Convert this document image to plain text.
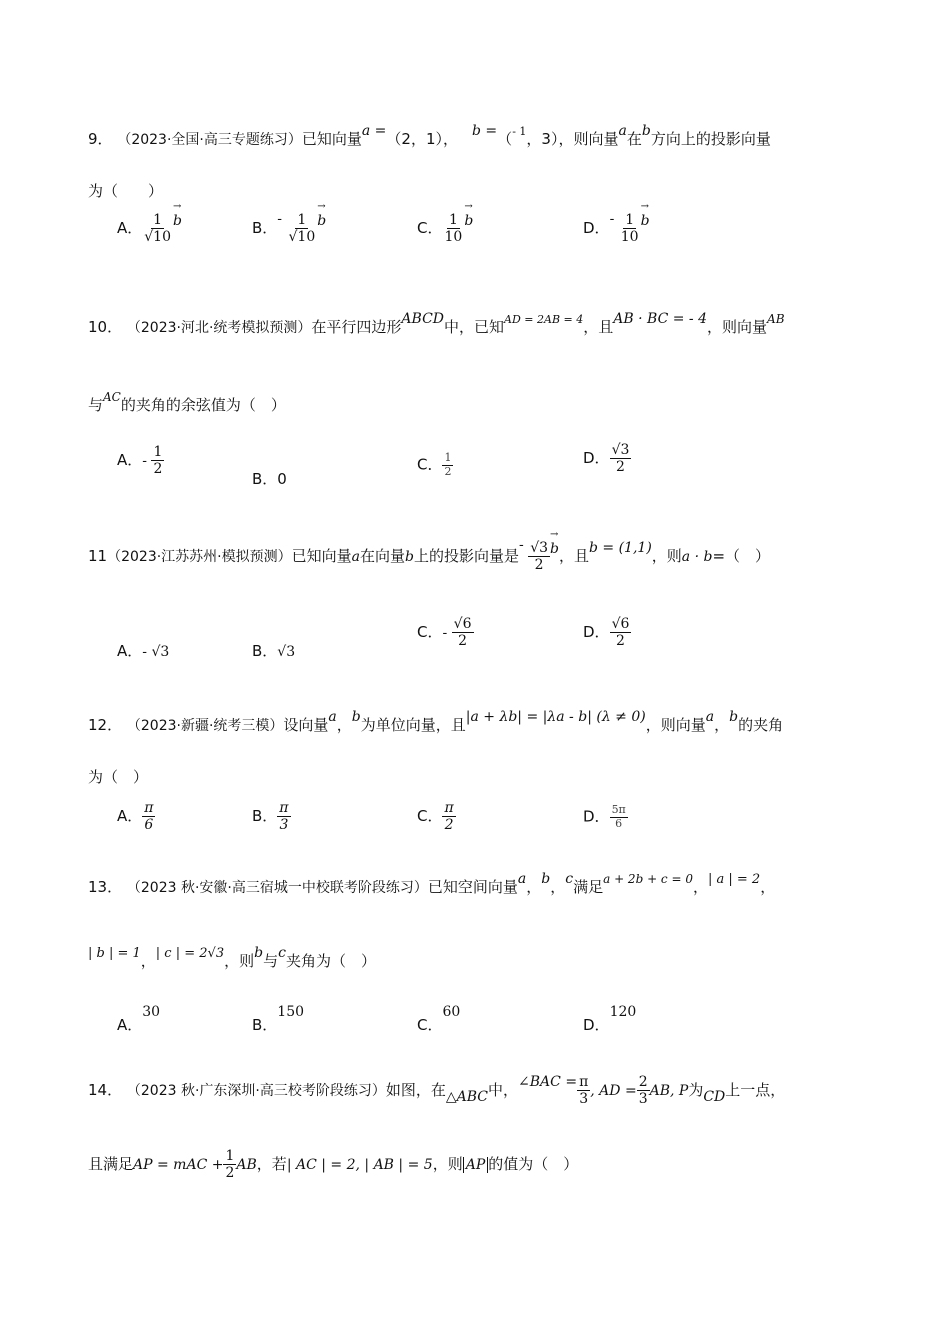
9． （2023·全国·高三专题练习）已知向量a =（2，1）， b =（$^{- 1}$，3），则向量a在b方向上的投影向量
为（　　）
A． $\frac{1}{√10}$
→ b	B．- $\frac{1}{√10}$
→ b	C． $\frac{1}{10}$
→ b	D．- $\frac{1}{10}$
→ b
10． （2023·河北·统考模拟预测）在平行四边形ABCD中，已知$^{AD = 2AB = 4}$，且AB · BC = - 4，则向量$^{AB}$
与$^{AC}$的夹角的余弦值为（　）
A．- $\frac{1}{2}$
B．0
C． $\frac{1}{2}$	D． $\frac{√3}{2}$
11（2023·江苏苏州·模拟预测）已知向量a在向量b上的投影向量是- $\frac{√3}{2}$
→ b，且b = (1,1)，则a · b=（　）
A．- √3	B．√3
C．- $\frac{√6}{2}$	D． $\frac{√6}{2}$
12． （2023·新疆·统考三模）设向量a，b为单位向量，且|a + λb| = |λa - b| (λ ≠ 0)，则向量a，b的夹角
为（　）
A． $\frac{\pi}{6}$	B． $\frac{\pi}{3}$	C． $\frac{\pi}{2}$	D． $\frac{5\pi}{6}$
13． （2023 秋·安徽·高三宿城一中校联考阶段练习）已知空间向量a，b，c满足$^{a + 2b + c = 0}$，| a | = 2，
| b | = 1，| c | = 2√3，则b与c夹角为（　）
A．30
B．150
C．60
D．120
14． （2023 秋·广东深圳·高三校考阶段练习）如图，在△ABC中，∠BAC = $\frac{\pi}{3}$ , AD = $\frac{2}{3}$ AB, P为CD上一点，
且满足AP = mAC + $\frac{1}{2}$ AB，若| AC | = 2, | AB | = 5，则 AP 的值为（　）
